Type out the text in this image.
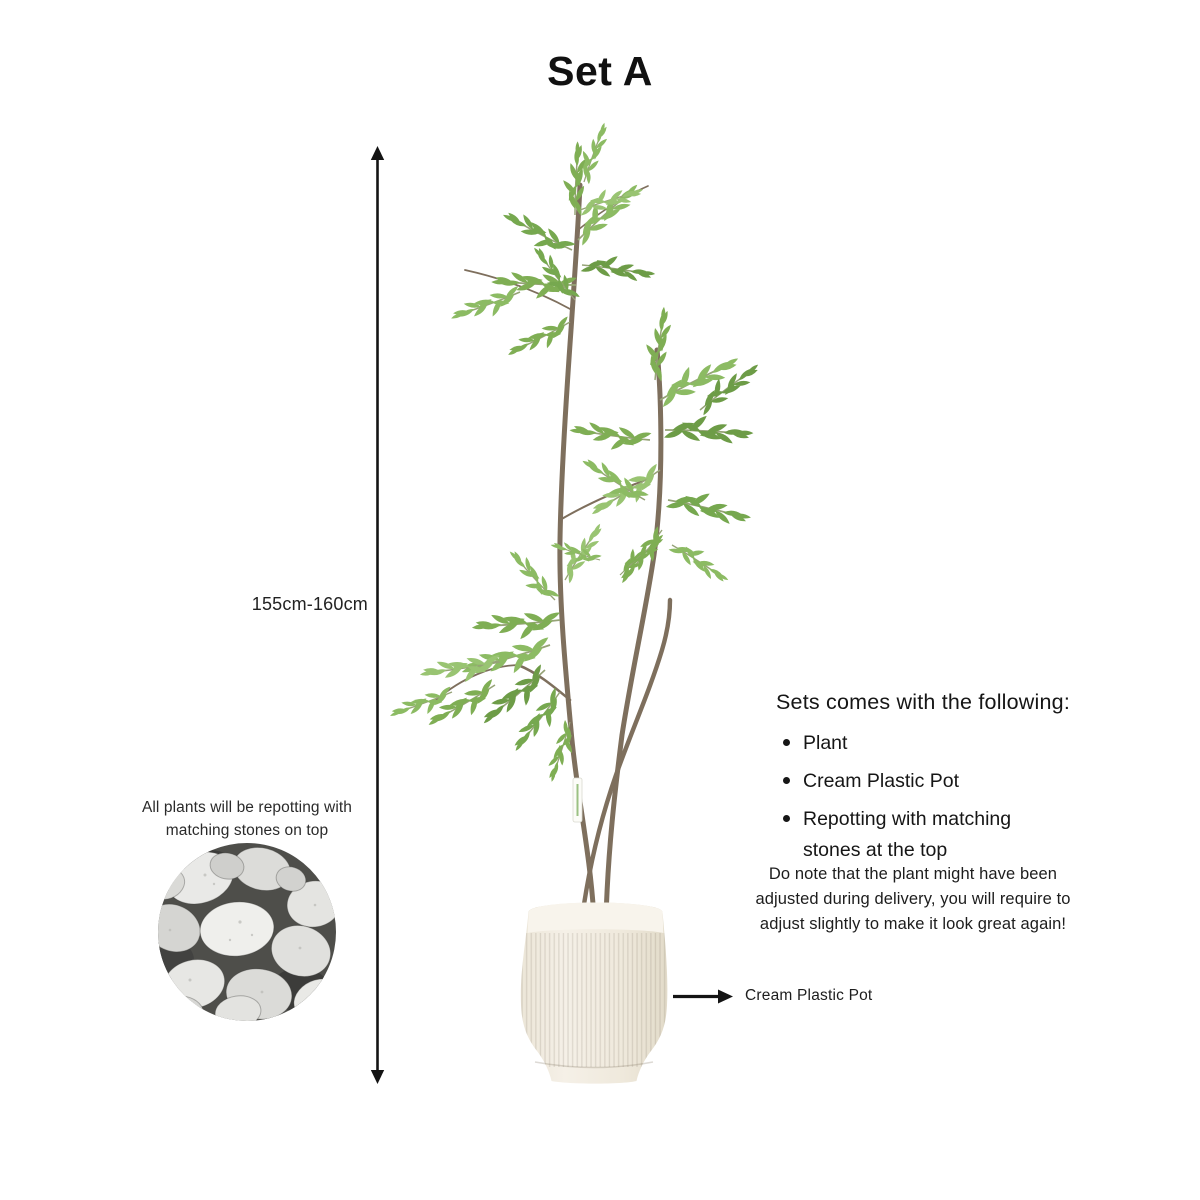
Set A
155cm-160cm
All plants will be repotting with matching stones on top
Sets comes with the following:
Plant
Cream Plastic Pot
Repotting with matching stones at the top
Do note that the plant might have been adjusted during delivery, you will require to adjust slightly to make it look great again!
Cream Plastic Pot
